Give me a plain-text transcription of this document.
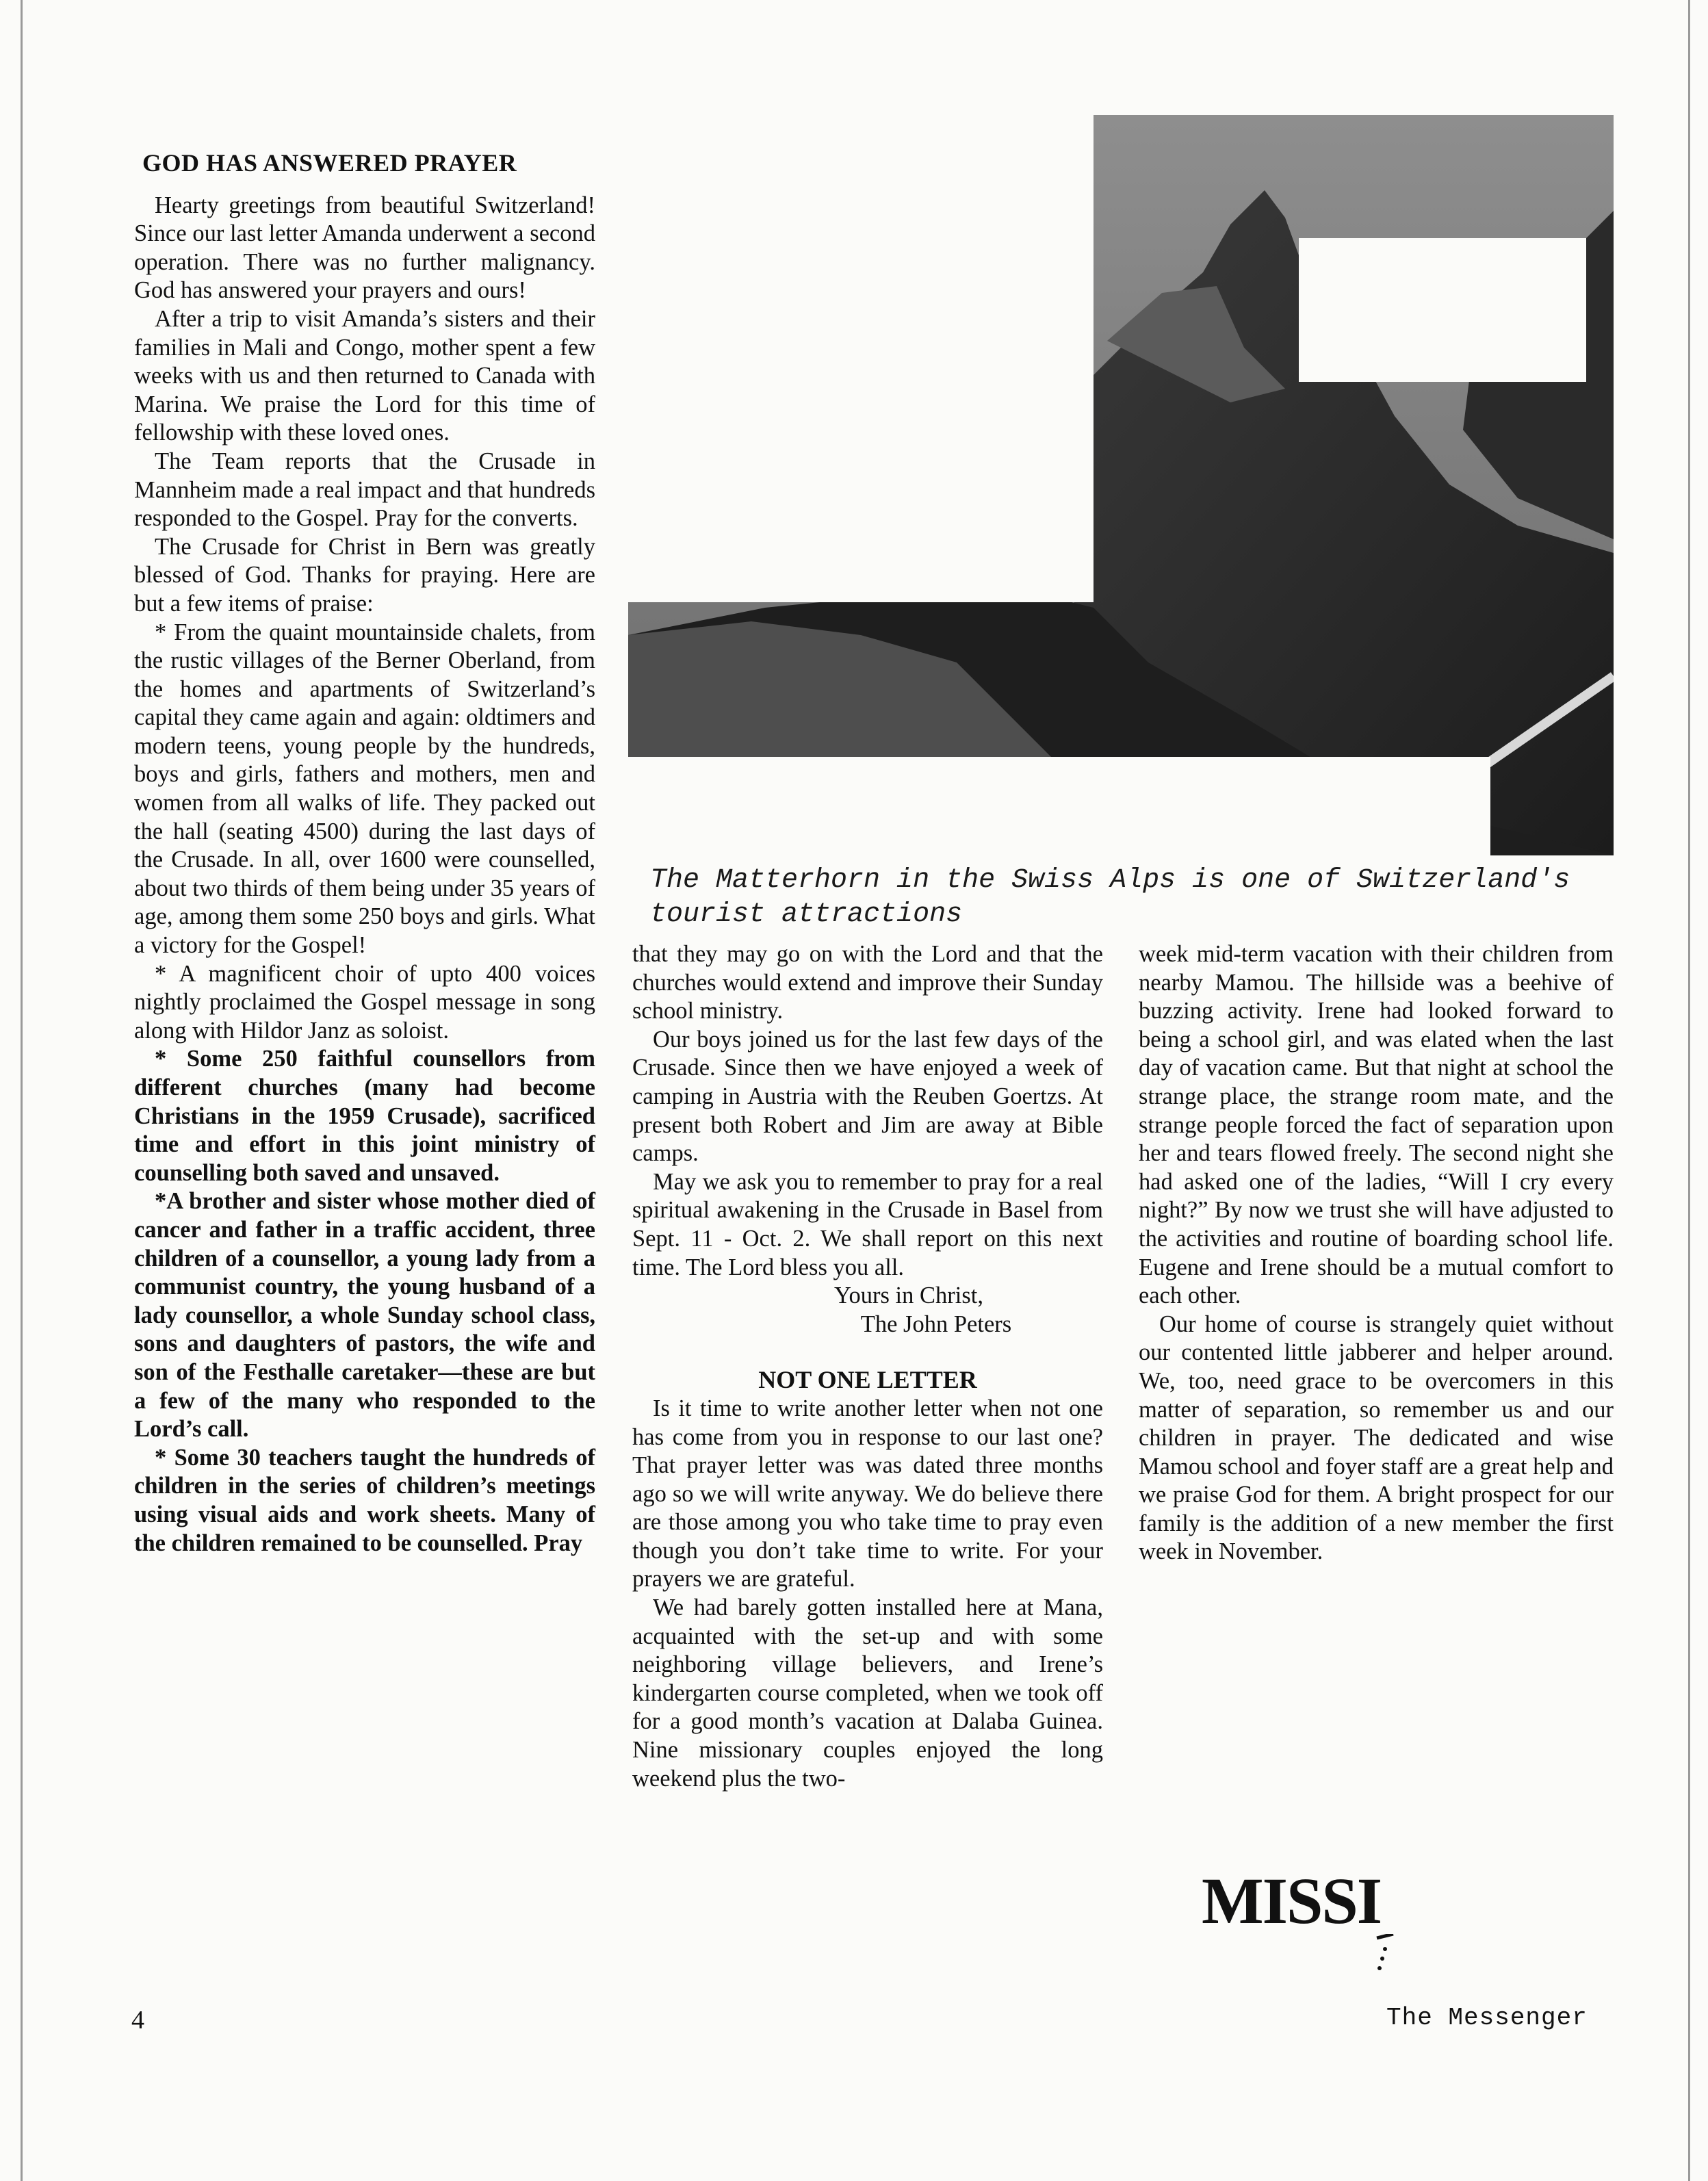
GOD HAS ANSWERED PRAYER

Hearty greetings from beautiful Switzerland! Since our last letter Amanda underwent a second operation. There was no further malignancy. God has answered your prayers and ours!

After a trip to visit Amanda’s sisters and their families in Mali and Congo, mother spent a few weeks with us and then returned to Canada with Marina. We praise the Lord for this time of fellowship with these loved ones.

The Team reports that the Crusade in Mannheim made a real impact and that hundreds responded to the Gospel. Pray for the converts.

The Crusade for Christ in Bern was greatly blessed of God. Thanks for praying. Here are but a few items of praise:

* From the quaint mountainside chalets, from the rustic villages of the Berner Oberland, from the homes and apartments of Switzerland’s capital they came again and again: oldtimers and modern teens, young people by the hundreds, boys and girls, fathers and mothers, men and women from all walks of life. They packed out the hall (seating 4500) during the last days of the Crusade. In all, over 1600 were counselled, about two thirds of them being under 35 years of age, among them some 250 boys and girls. What a victory for the Gospel!

* A magnificent choir of upto 400 voices nightly proclaimed the Gospel message in song along with Hildor Janz as soloist.

* Some 250 faithful counsellors from different churches (many had become Christians in the 1959 Crusade), sacrificed time and effort in this joint ministry of counselling both saved and unsaved.

*A brother and sister whose mother died of cancer and father in a traffic accident, three children of a counsellor, a young lady from a communist country, the young husband of a lady counsellor, a whole Sunday school class, sons and daughters of pastors, the wife and son of the Festhalle caretaker—these are but a few of the many who responded to the Lord’s call.

* Some 30 teachers taught the hundreds of children in the series of children’s meetings using visual aids and work sheets. Many of the children remained to be counselled. Pray

The Matterhorn in the Swiss Alps is one of Switzerland's tourist attractions

that they may go on with the Lord and that the churches would extend and improve their Sunday school ministry.

Our boys joined us for the last few days of the Crusade. Since then we have enjoyed a week of camping in Austria with the Reuben Goertzs. At present both Robert and Jim are away at Bible camps.

May we ask you to remember to pray for a real spiritual awakening in the Crusade in Basel from Sept. 11 - Oct. 2. We shall report on this next time. The Lord bless you all.

Yours in Christ,

The John Peters

NOT ONE LETTER

Is it time to write another letter when not one has come from you in response to our last one? That prayer letter was was dated three months ago so we will write anyway. We do believe there are those among you who take time to pray even though you don’t take time to write. For your prayers we are grateful.

We had barely gotten installed here at Mana, acquainted with the set-up and with some neighboring village believers, and Irene’s kindergarten course completed, when we took off for a good month’s vacation at Dalaba Guinea. Nine missionary couples enjoyed the long weekend plus the two-

week mid-term vacation with their children from nearby Mamou. The hillside was a beehive of buzzing activity. Irene had looked forward to being a school girl, and was elated when the last day of vacation came. But that night at school the strange place, the strange room mate, and the strange people forced the fact of separation upon her and tears flowed freely. The second night she had asked one of the ladies, “Will I cry every night?” By now we trust she will have adjusted to the activities and routine of boarding school life. Eugene and Irene should be a mutual comfort to each other.

Our home of course is strangely quiet without our contented little jabberer and helper around. We, too, need grace to be overcomers in this matter of separation, so remember us and our children in prayer. The dedicated and wise Mamou school and foyer staff are a great help and we praise God for them. A bright prospect for our family is the addition of a new member the first week in November.

MISSI
4	The Messenger
